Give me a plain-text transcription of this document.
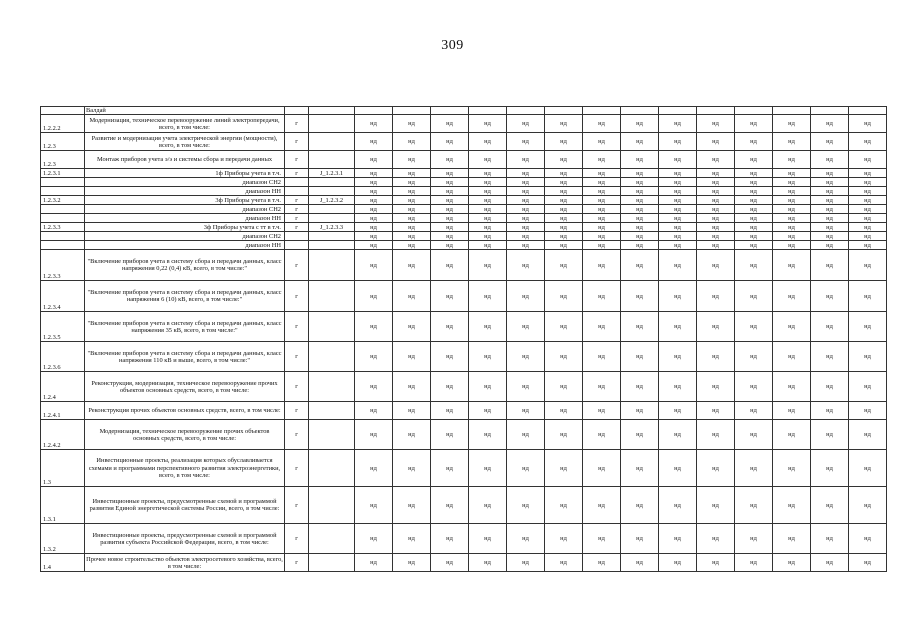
309
	Валдай																
1.2.2.2	Модернизация, техническое перевооружение линий электропередачи, всего, в том числе:	г		нд	нд	нд	нд	нд	нд	нд	нд	нд	нд	нд	нд	нд	нд
1.2.3	Развитие и модернизация учета электрической энергии (мощности), всего, в том числе:	г		нд	нд	нд	нд	нд	нд	нд	нд	нд	нд	нд	нд	нд	нд
1.2.3	Монтаж приборов учета э/э и системы сбора и передачи данных	г		нд	нд	нд	нд	нд	нд	нд	нд	нд	нд	нд	нд	нд	нд
1.2.3.1	1ф Приборы учета в т.ч.	г	J_1.2.3.1	нд	нд	нд	нд	нд	нд	нд	нд	нд	нд	нд	нд	нд	нд
	диапазон СН2			нд	нд	нд	нд	нд	нд	нд	нд	нд	нд	нд	нд	нд	нд
	диапазон НН			нд	нд	нд	нд	нд	нд	нд	нд	нд	нд	нд	нд	нд	нд
1.2.3.2	3ф Приборы учета в т.ч.	г	J_1.2.3.2	нд	нд	нд	нд	нд	нд	нд	нд	нд	нд	нд	нд	нд	нд
	диапазон СН2	г		нд	нд	нд	нд	нд	нд	нд	нд	нд	нд	нд	нд	нд	нд
	диапазон НН	г		нд	нд	нд	нд	нд	нд	нд	нд	нд	нд	нд	нд	нд	нд
1.2.3.3	3ф Приборы учета с тт в т.ч.	г	J_1.2.3.3	нд	нд	нд	нд	нд	нд	нд	нд	нд	нд	нд	нд	нд	нд
	диапазон СН2			нд	нд	нд	нд	нд	нд	нд	нд	нд	нд	нд	нд	нд	нд
	диапазон НН			нд	нд	нд	нд	нд	нд	нд	нд	нд	нд	нд	нд	нд	нд
1.2.3.3	"Включение приборов учета в систему сбора и передачи данных, класс напряжения 0,22 (0,4) кВ, всего, в том числе:"	г		нд	нд	нд	нд	нд	нд	нд	нд	нд	нд	нд	нд	нд	нд
1.2.3.4	"Включение приборов учета в систему сбора и передачи данных, класс напряжения 6 (10) кВ, всего, в том числе:"	г		нд	нд	нд	нд	нд	нд	нд	нд	нд	нд	нд	нд	нд	нд
1.2.3.5	"Включение приборов учета в систему сбора и передачи данных, класс напряжения 35 кВ, всего, в том числе:"	г		нд	нд	нд	нд	нд	нд	нд	нд	нд	нд	нд	нд	нд	нд
1.2.3.6	"Включение приборов учета в систему сбора и передачи данных, класс напряжения 110 кВ и выше, всего, в том числе:"	г		нд	нд	нд	нд	нд	нд	нд	нд	нд	нд	нд	нд	нд	нд
1.2.4	Реконструкция, модернизация, техническое перевооружение прочих объектов основных средств, всего, в том числе:	г		нд	нд	нд	нд	нд	нд	нд	нд	нд	нд	нд	нд	нд	нд
1.2.4.1	Реконструкция прочих объектов основных средств, всего, в том числе:	г		нд	нд	нд	нд	нд	нд	нд	нд	нд	нд	нд	нд	нд	нд
1.2.4.2	Модернизация, техническое перевооружение прочих объектов основных средств, всего, в том числе:	г		нд	нд	нд	нд	нд	нд	нд	нд	нд	нд	нд	нд	нд	нд
1.3	Инвестиционные проекты, реализация которых обуславливается схемами и программами перспективного развития электроэнергетики, всего, в том числе:	г		нд	нд	нд	нд	нд	нд	нд	нд	нд	нд	нд	нд	нд	нд
1.3.1	Инвестиционные проекты, предусмотренные схемой и программой развития Единой энергетической системы России, всего, в том числе:	г		нд	нд	нд	нд	нд	нд	нд	нд	нд	нд	нд	нд	нд	нд
1.3.2	Инвестиционные проекты, предусмотренные схемой и программой развития субъекта Российской Федерации, всего, в том числе:	г		нд	нд	нд	нд	нд	нд	нд	нд	нд	нд	нд	нд	нд	нд
1.4	Прочее новое строительство объектов электросетевого хозяйства, всего, в том числе:	г		нд	нд	нд	нд	нд	нд	нд	нд	нд	нд	нд	нд	нд	нд
